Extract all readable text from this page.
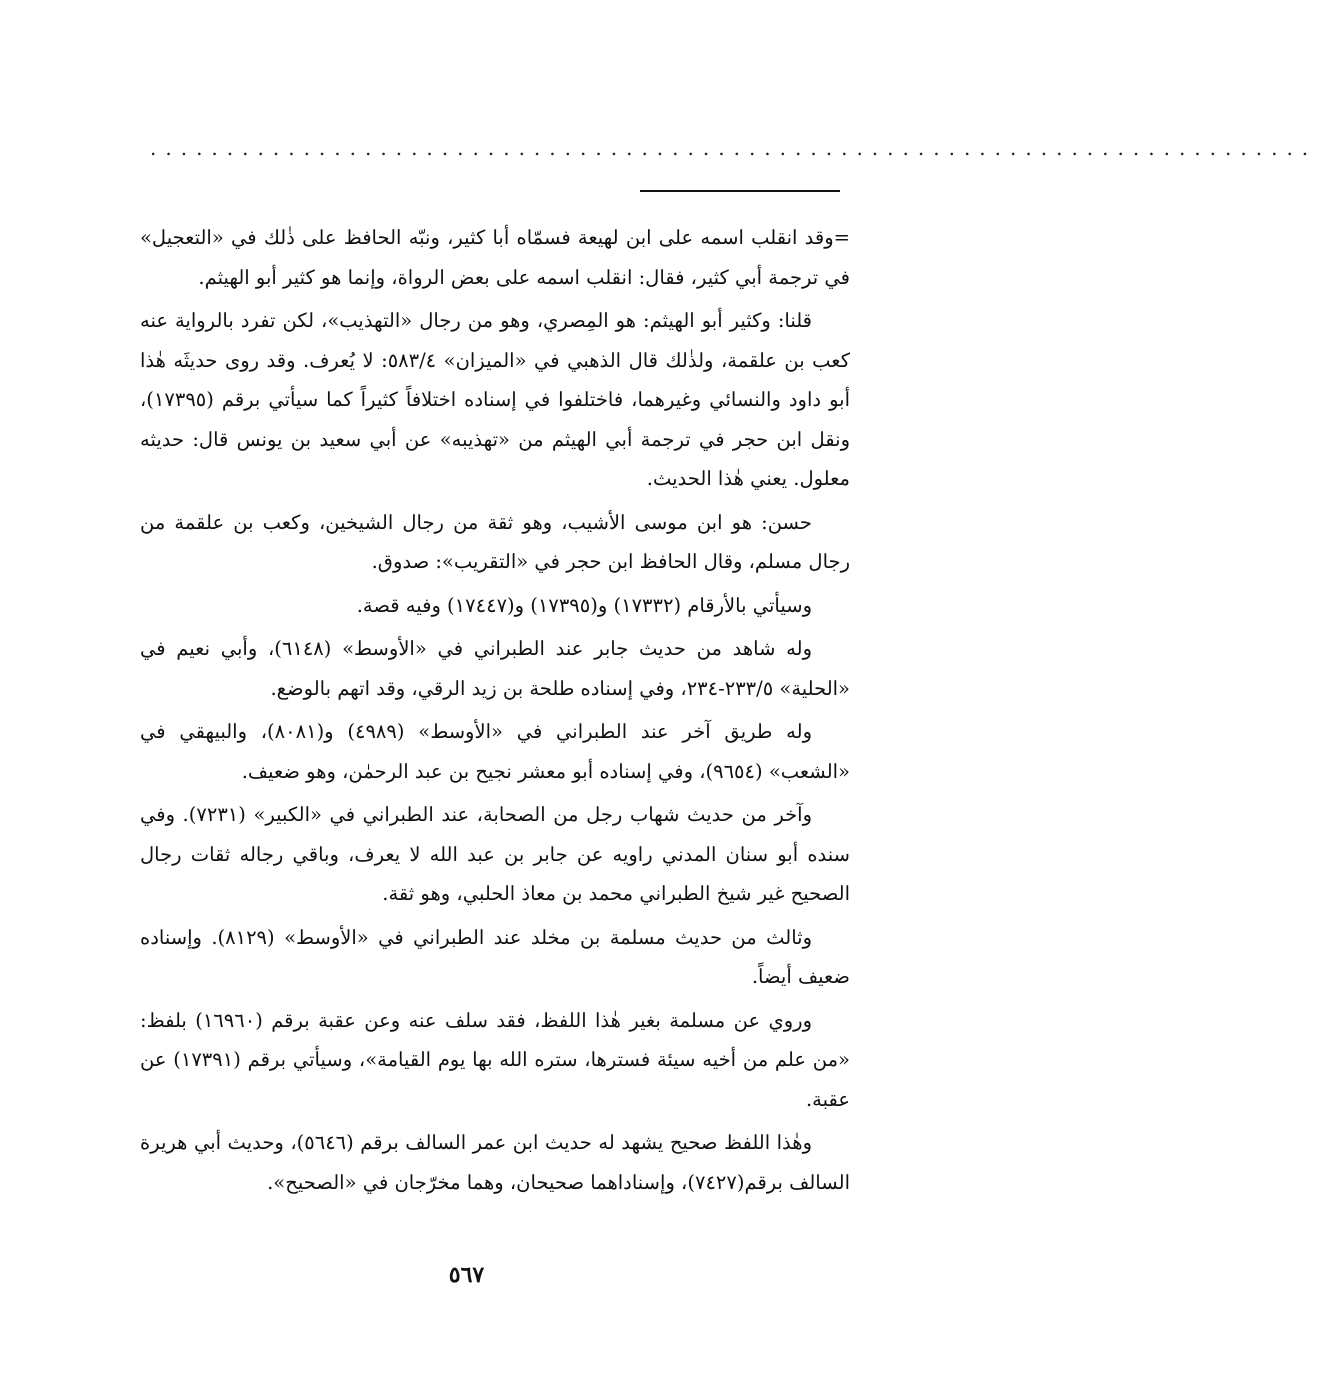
............................................................................

=وقد انقلب اسمه على ابن لهيعة فسمّاه أبا كثير، ونبّه الحافظ على ذٰلك في «التعجيل» في ترجمة أبي كثير، فقال: انقلب اسمه على بعض الرواة، وإنما هو كثير أبو الهيثم.

قلنا: وكثير أبو الهيثم: هو المِصري، وهو من رجال «التهذيب»، لكن تفرد بالرواية عنه كعب بن علقمة، ولذٰلك قال الذهبي في «الميزان» ٥٨٣/٤: لا يُعرف. وقد روى حديثَه هٰذا أبو داود والنسائي وغيرهما، فاختلفوا في إسناده اختلافاً كثيراً كما سيأتي برقم (١٧٣٩٥)، ونقل ابن حجر في ترجمة أبي الهيثم من «تهذيبه» عن أبي سعيد بن يونس قال: حديثه معلول. يعني هٰذا الحديث.

حسن: هو ابن موسى الأشيب، وهو ثقة من رجال الشيخين، وكعب بن علقمة من رجال مسلم، وقال الحافظ ابن حجر في «التقريب»: صدوق.

وسيأتي بالأرقام (١٧٣٣٢) و(١٧٣٩٥) و(١٧٤٤٧) وفيه قصة.

وله شاهد من حديث جابر عند الطبراني في «الأوسط» (٦١٤٨)، وأبي نعيم في «الحلية» ٢٣٣/٥-٢٣٤، وفي إسناده طلحة بن زيد الرقي، وقد اتهم بالوضع.

وله طريق آخر عند الطبراني في «الأوسط» (٤٩٨٩) و(٨٠٨١)، والبيهقي في «الشعب» (٩٦٥٤)، وفي إسناده أبو معشر نجيح بن عبد الرحمٰن، وهو ضعيف.

وآخر من حديث شهاب رجل من الصحابة، عند الطبراني في «الكبير» (٧٢٣١). وفي سنده أبو سنان المدني راويه عن جابر بن عبد الله لا يعرف، وباقي رجاله ثقات رجال الصحيح غير شيخ الطبراني محمد بن معاذ الحلبي، وهو ثقة.

وثالث من حديث مسلمة بن مخلد عند الطبراني في «الأوسط» (٨١٢٩). وإسناده ضعيف أيضاً.

وروي عن مسلمة بغير هٰذا اللفظ، فقد سلف عنه وعن عقبة برقم (١٦٩٦٠) بلفظ: «من علم من أخيه سيئة فسترها، ستره الله بها يوم القيامة»، وسيأتي برقم (١٧٣٩١) عن عقبة.

وهٰذا اللفظ صحيح يشهد له حديث ابن عمر السالف برقم (٥٦٤٦)، وحديث أبي هريرة السالف برقم(٧٤٢٧)، وإسناداهما صحيحان، وهما مخرّجان في «الصحيح».

٥٦٧
